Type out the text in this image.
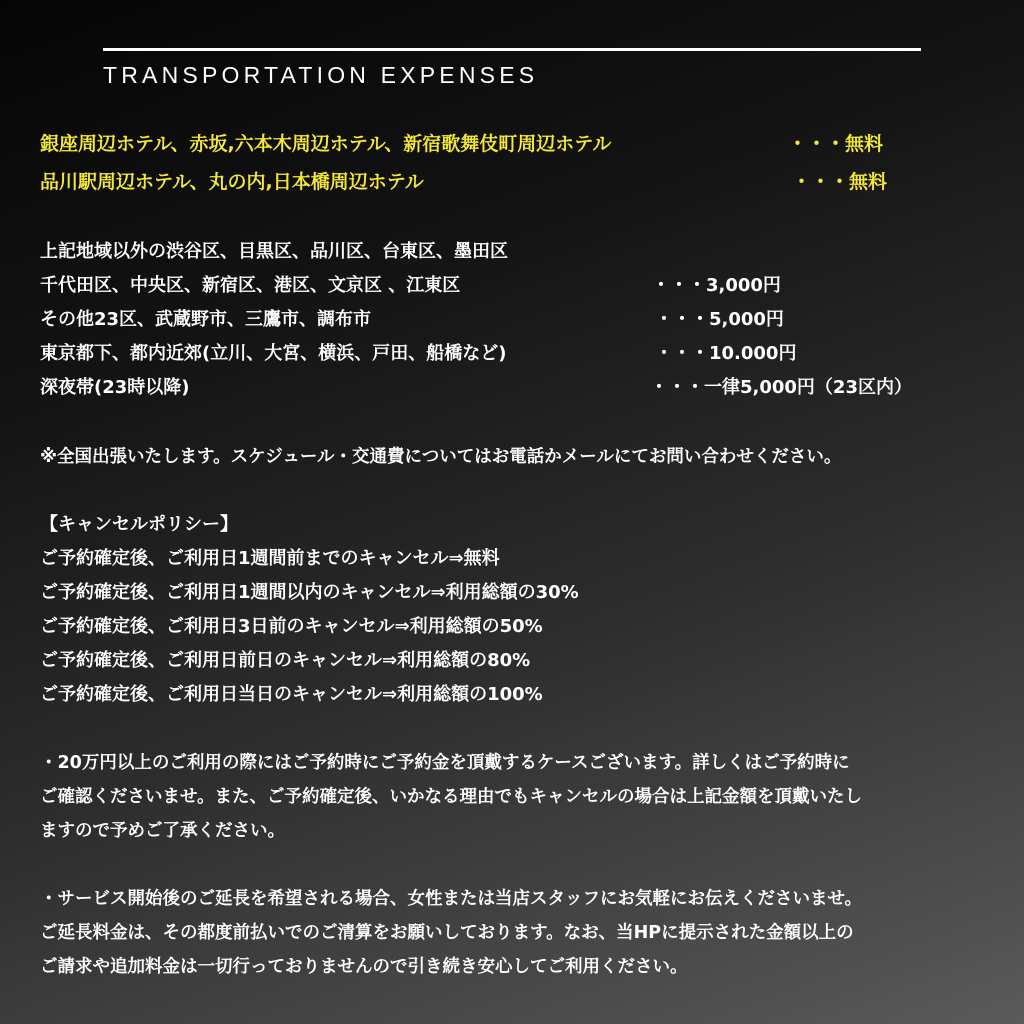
TRANSPORTATION EXPENSES
銀座周辺ホテル、赤坂,六本木周辺ホテル、新宿歌舞伎町周辺ホテル	・・・無料
品川駅周辺ホテル、丸の内,日本橋周辺ホテル	・・・無料
上記地域以外の渋谷区、目黒区、品川区、台東区、墨田区
千代田区、中央区、新宿区、港区、文京区 、江東区	・・・3,000円
その他23区、武蔵野市、三鷹市、調布市	・・・5,000円
東京都下、都内近郊(立川、大宮、横浜、戸田、船橋など)	・・・10.000円
深夜帯(23時以降)	・・・一律5,000円（23区内）
※全国出張いたします。スケジュール・交通費についてはお電話かメールにてお問い合わせください。
【キャンセルポリシー】
ご予約確定後、ご利用日1週間前までのキャンセル⇒無料
ご予約確定後、ご利用日1週間以内のキャンセル⇒利用総額の30%
ご予約確定後、ご利用日3日前のキャンセル⇒利用総額の50%
ご予約確定後、ご利用日前日のキャンセル⇒利用総額の80%
ご予約確定後、ご利用日当日のキャンセル⇒利用総額の100%
・20万円以上のご利用の際にはご予約時にご予約金を頂戴するケースございます。詳しくはご予約時に
ご確認くださいませ。また、ご予約確定後、いかなる理由でもキャンセルの場合は上記金額を頂戴いたし
ますので予めご了承ください。
・サービス開始後のご延長を希望される場合、女性または当店スタッフにお気軽にお伝えくださいませ。
ご延長料金は、その都度前払いでのご清算をお願いしております。なお、当HPに提示された金額以上の
ご請求や追加料金は一切行っておりませんので引き続き安心してご利用ください。
